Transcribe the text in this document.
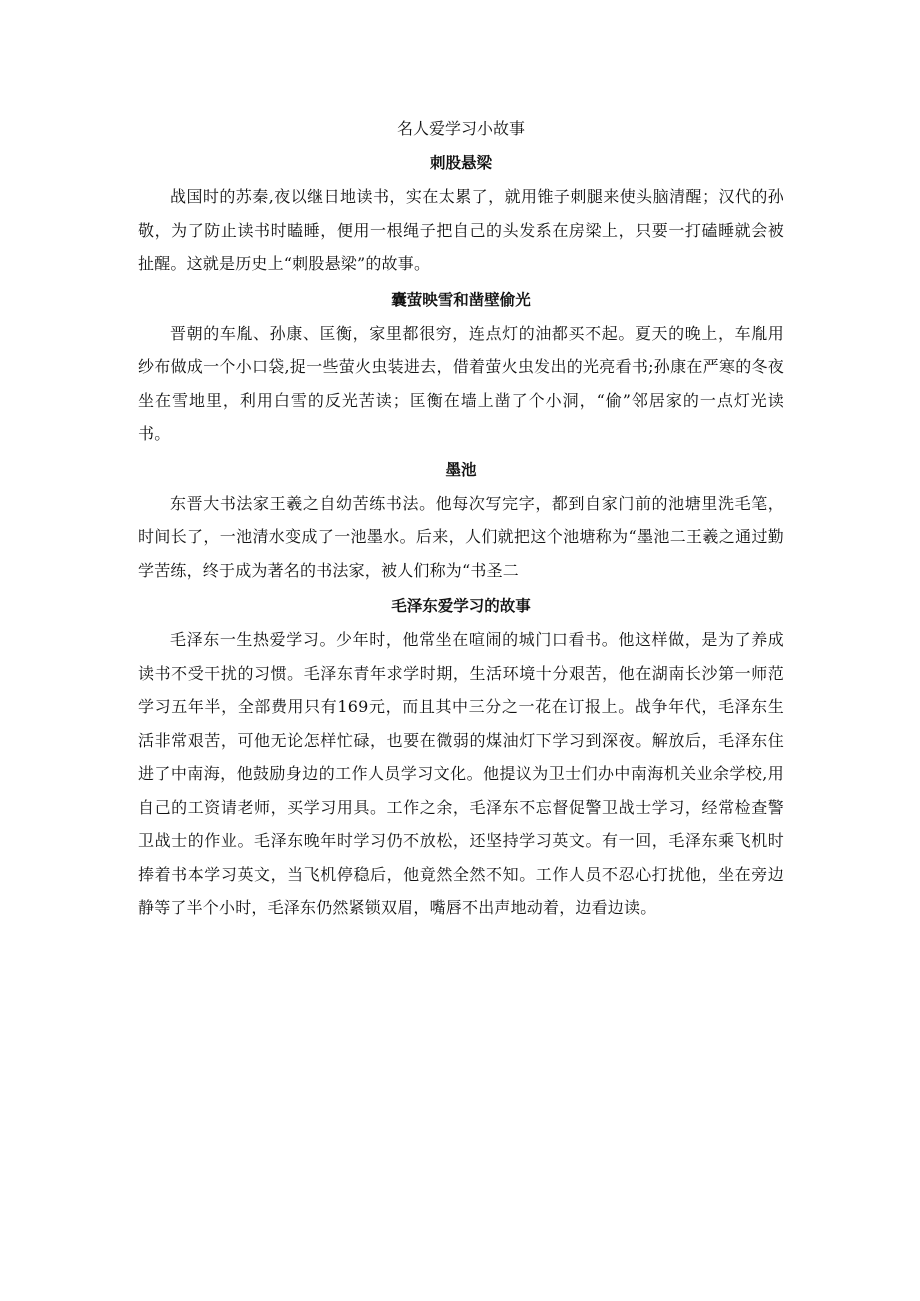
名人爱学习小故事
刺股悬梁

战国时的苏秦,夜以继日地读书，实在太累了，就用锥子刺腿来使头脑清醒；汉代的孙敬，为了防止读书时瞌睡，便用一根绳子把自己的头发系在房梁上，只要一打磕睡就会被扯醒。这就是历史上“刺股悬梁”的故事。

囊萤映雪和凿壁偷光

晋朝的车胤、孙康、匡衡，家里都很穷，连点灯的油都买不起。夏天的晚上，车胤用纱布做成一个小口袋,捉一些萤火虫装进去，借着萤火虫发出的光亮看书;孙康在严寒的冬夜坐在雪地里，利用白雪的反光苦读；匡衡在墙上凿了个小洞，“偷”邻居家的一点灯光读书。

墨池

东晋大书法家王羲之自幼苦练书法。他每次写完字，都到自家门前的池塘里洗毛笔，时间长了，一池清水变成了一池墨水。后来，人们就把这个池塘称为“墨池二王羲之通过勤学苦练，终于成为著名的书法家，被人们称为“书圣二

毛泽东爱学习的故事

毛泽东一生热爱学习。少年时，他常坐在喧闹的城门口看书。他这样做，是为了养成读书不受干扰的习惯。毛泽东青年求学时期，生活环境十分艰苦，他在湖南长沙第一师范学习五年半，全部费用只有169元，而且其中三分之一花在订报上。战争年代，毛泽东生活非常艰苦，可他无论怎样忙碌，也要在微弱的煤油灯下学习到深夜。解放后，毛泽东住进了中南海，他鼓励身边的工作人员学习文化。他提议为卫士们办中南海机关业余学校,用自己的工资请老师，买学习用具。工作之余，毛泽东不忘督促警卫战士学习，经常检查警卫战士的作业。毛泽东晚年时学习仍不放松，还坚持学习英文。有一回，毛泽东乘飞机时捧着书本学习英文，当飞机停稳后，他竟然全然不知。工作人员不忍心打扰他，坐在旁边静等了半个小时，毛泽东仍然紧锁双眉，嘴唇不出声地动着，边看边读。
